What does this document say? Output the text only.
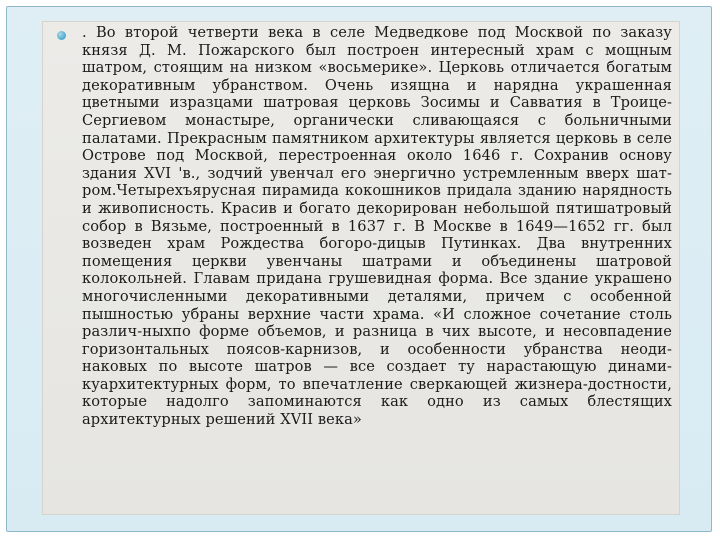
. Во второй четверти века в селе Медведкове под Москвой по заказу князя Д. М. Пожарского был построен интересный храм с мощным шатром, стоящим на низком «восьмерике». Церковь отличается богатым декоративным убранством. Очень изящна и нарядна украшенная цветными изразцами шатровая церковь Зосимы и Савватия в Троице-Сергиевом монастыре, органически сливающаяся с больничными палатами. Прекрасным памятником архитектуры является церковь в селе Острове под Москвой, перестроенная около 1646 г. Сохранив основу здания XVI 'в., зодчий увенчал его энергично устремленным вверх шат-ром.Четырехъярусная пирамида кокошников придала зданию нарядность и живописность. Красив и богато декорирован небольшой пятишатровый собор в Вязьме, построенный в 1637 г. В Москве в 1649—1652 гг. был возведен храм Рождества богоро-дицыв Путинках. Два внутренних помещения церкви увенчаны шатрами и объединены шатровой колокольней. Главам придана грушевидная форма. Все здание украшено многочисленными декоративными деталями, причем с особенной пышностью убраны верхние части храма. «И сложное сочетание столь различ-ныхпо форме объемов, и разница в чих высоте, и несовпадение горизонтальных поясов-карнизов, и особенности убранства неоди-наковых по высоте шатров — все создает ту нарастающую динами-куархитектурных форм, то впечатление сверкающей жизнера-достности, которые надолго запоминаются как одно из самых блестящих архитектурных решений XVII века»
